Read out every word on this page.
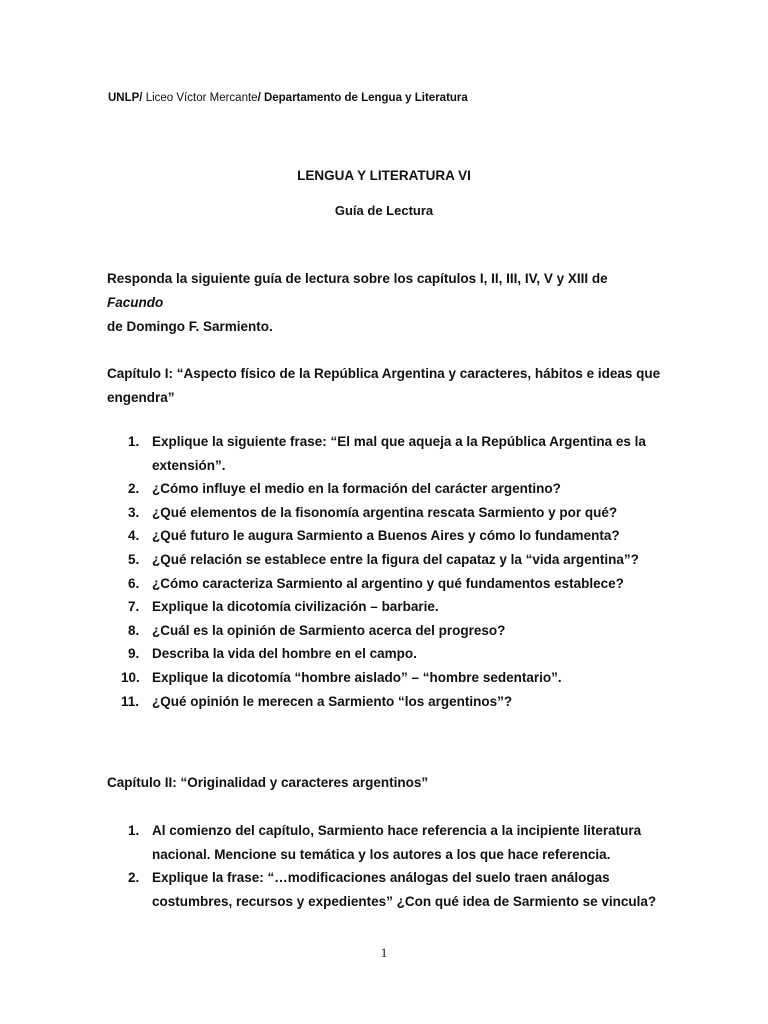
UNLP/ Liceo Víctor Mercante/ Departamento de Lengua y Literatura
LENGUA Y LITERATURA VI
Guía de Lectura
Responda la siguiente guía de lectura sobre los capítulos I, II, III, IV, V y XIII de Facundo
de Domingo F. Sarmiento.
Capítulo I: “Aspecto físico de la República Argentina y caracteres, hábitos e ideas que engendra”
1. Explique la siguiente frase: “El mal que aqueja a la República Argentina es la extensión”.
2. ¿Cómo influye el medio en la formación del carácter argentino?
3. ¿Qué elementos de la fisonomía argentina rescata Sarmiento y por qué?
4. ¿Qué futuro le augura Sarmiento a Buenos Aires y cómo lo fundamenta?
5. ¿Qué relación se establece entre la figura del capataz y la “vida argentina”?
6. ¿Cómo caracteriza Sarmiento al argentino y qué fundamentos establece?
7. Explique la dicotomía civilización – barbarie.
8. ¿Cuál es la opinión de Sarmiento acerca del progreso?
9. Describa la vida del hombre en el campo.
10. Explique la dicotomía “hombre aislado” – “hombre sedentario”.
11. ¿Qué opinión le merecen a Sarmiento “los argentinos”?
Capítulo II: “Originalidad y caracteres argentinos”
1. Al comienzo del capítulo, Sarmiento hace referencia a la incipiente literatura nacional. Mencione su temática y los autores a los que hace referencia.
2. Explique la frase: “…modificaciones análogas del suelo traen análogas costumbres, recursos y expedientes” ¿Con qué idea de Sarmiento se vincula?
1
